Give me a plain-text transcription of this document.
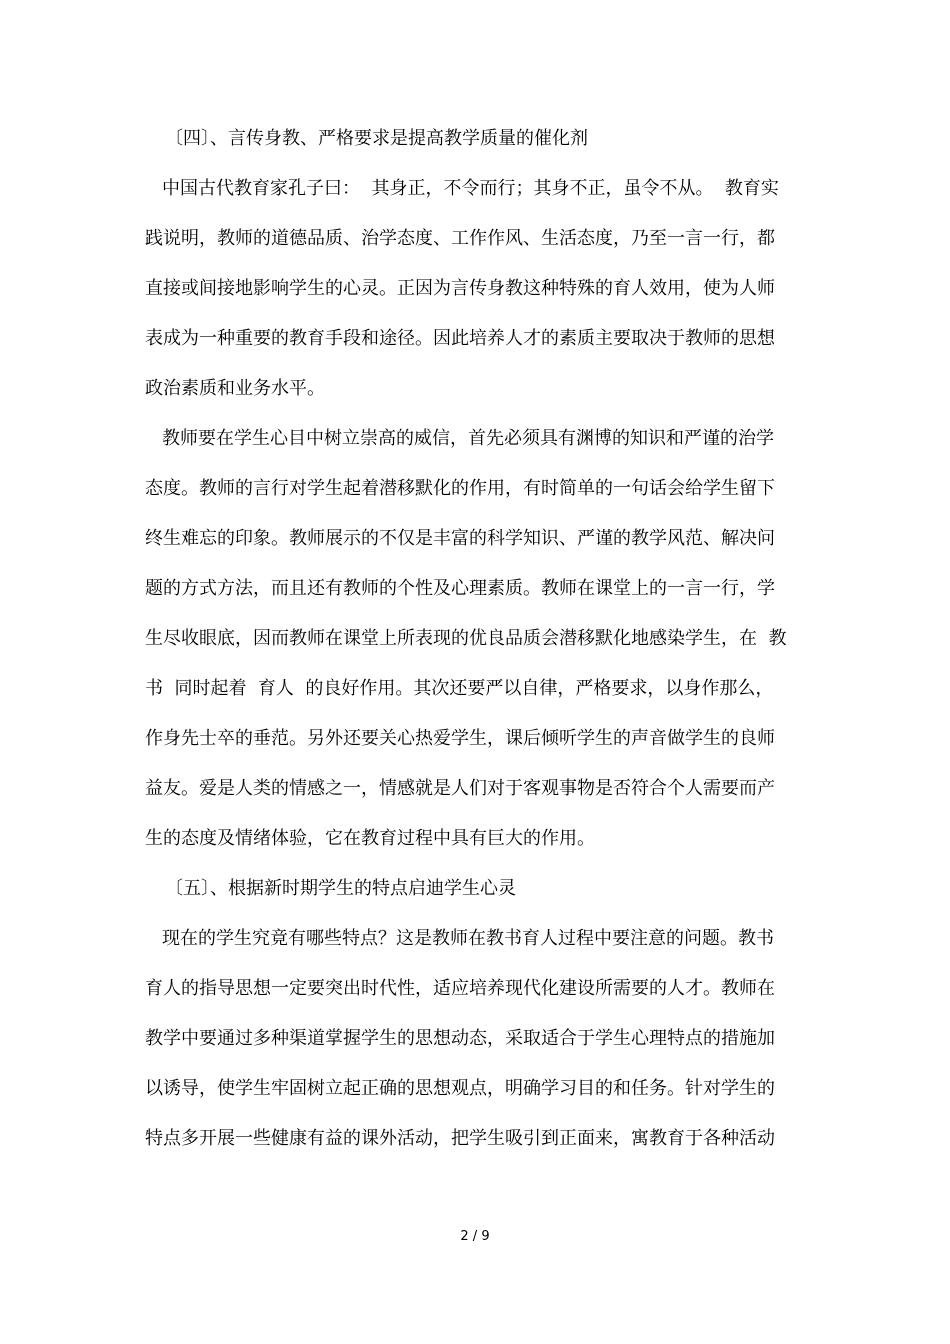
〔四〕、言传身教、严格要求是提高教学质量的催化剂
中国古代教育家孔子曰：  其身正，不令而行；其身不正，虽令不从。  教育实
践说明，教师的道德品质、治学态度、工作作风、生活态度，乃至一言一行，都
直接或间接地影响学生的心灵。正因为言传身教这种特殊的育人效用，使为人师
表成为一种重要的教育手段和途径。因此培养人才的素质主要取决于教师的思想
政治素质和业务水平。
教师要在学生心目中树立崇高的威信，首先必须具有渊博的知识和严谨的治学
态度。教师的言行对学生起着潜移默化的作用，有时简单的一句话会给学生留下
终生难忘的印象。教师展示的不仅是丰富的科学知识、严谨的教学风范、解决问
题的方式方法，而且还有教师的个性及心理素质。教师在课堂上的一言一行，学
生尽收眼底，因而教师在课堂上所表现的优良品质会潜移默化地感染学生，在  教
书  同时起着  育人  的良好作用。其次还要严以自律，严格要求，以身作那么，
作身先士卒的垂范。另外还要关心热爱学生，课后倾听学生的声音做学生的良师
益友。爱是人类的情感之一，情感就是人们对于客观事物是否符合个人需要而产
生的态度及情绪体验，它在教育过程中具有巨大的作用。
〔五〕、根据新时期学生的特点启迪学生心灵
现在的学生究竟有哪些特点？这是教师在教书育人过程中要注意的问题。教书
育人的指导思想一定要突出时代性，适应培养现代化建设所需要的人才。教师在
教学中要通过多种渠道掌握学生的思想动态，采取适合于学生心理特点的措施加
以诱导，使学生牢固树立起正确的思想观点，明确学习目的和任务。针对学生的
特点多开展一些健康有益的课外活动，把学生吸引到正面来，寓教育于各种活动
2 / 9
